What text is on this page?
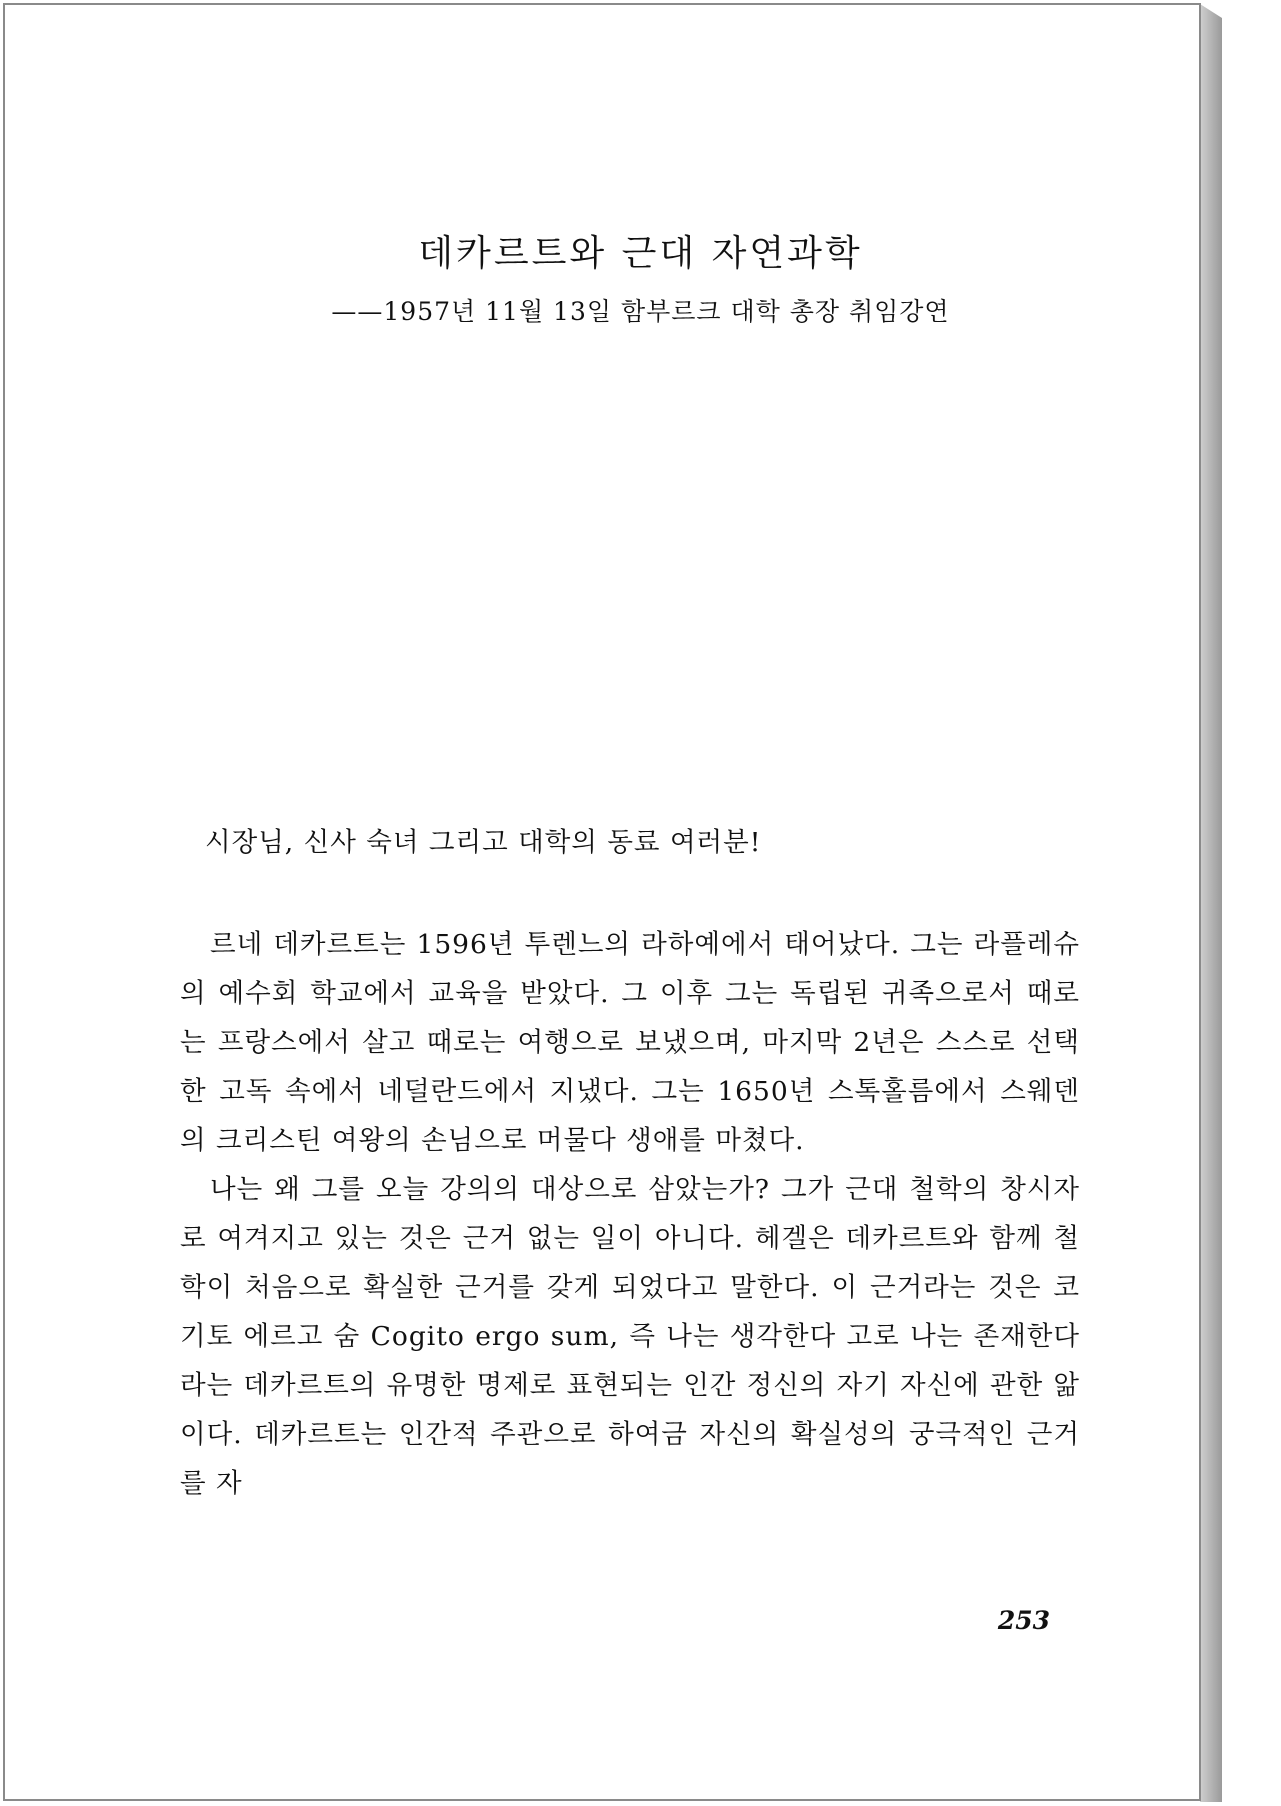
데카르트와 근대 자연과학
——1957년 11월 13일 함부르크 대학 총장 취임강연
시장님, 신사 숙녀 그리고 대학의 동료 여러분!

르네 데카르트는 1596년 투렌느의 라하예에서 태어났다. 그는 라플레슈의 예수회 학교에서 교육을 받았다. 그 이후 그는 독립된 귀족으로서 때로는 프랑스에서 살고 때로는 여행으로 보냈으며, 마지막 2년은 스스로 선택한 고독 속에서 네덜란드에서 지냈다. 그는 1650년 스톡홀름에서 스웨덴의 크리스틴 여왕의 손님으로 머물다 생애를 마쳤다.

나는 왜 그를 오늘 강의의 대상으로 삼았는가? 그가 근대 철학의 창시자로 여겨지고 있는 것은 근거 없는 일이 아니다. 헤겔은 데카르트와 함께 철학이 처음으로 확실한 근거를 갖게 되었다고 말한다. 이 근거라는 것은 코기토 에르고 숨 Cogito ergo sum, 즉 나는 생각한다 고로 나는 존재한다라는 데카르트의 유명한 명제로 표현되는 인간 정신의 자기 자신에 관한 앎이다. 데카르트는 인간적 주관으로 하여금 자신의 확실성의 궁극적인 근거를 자

253
